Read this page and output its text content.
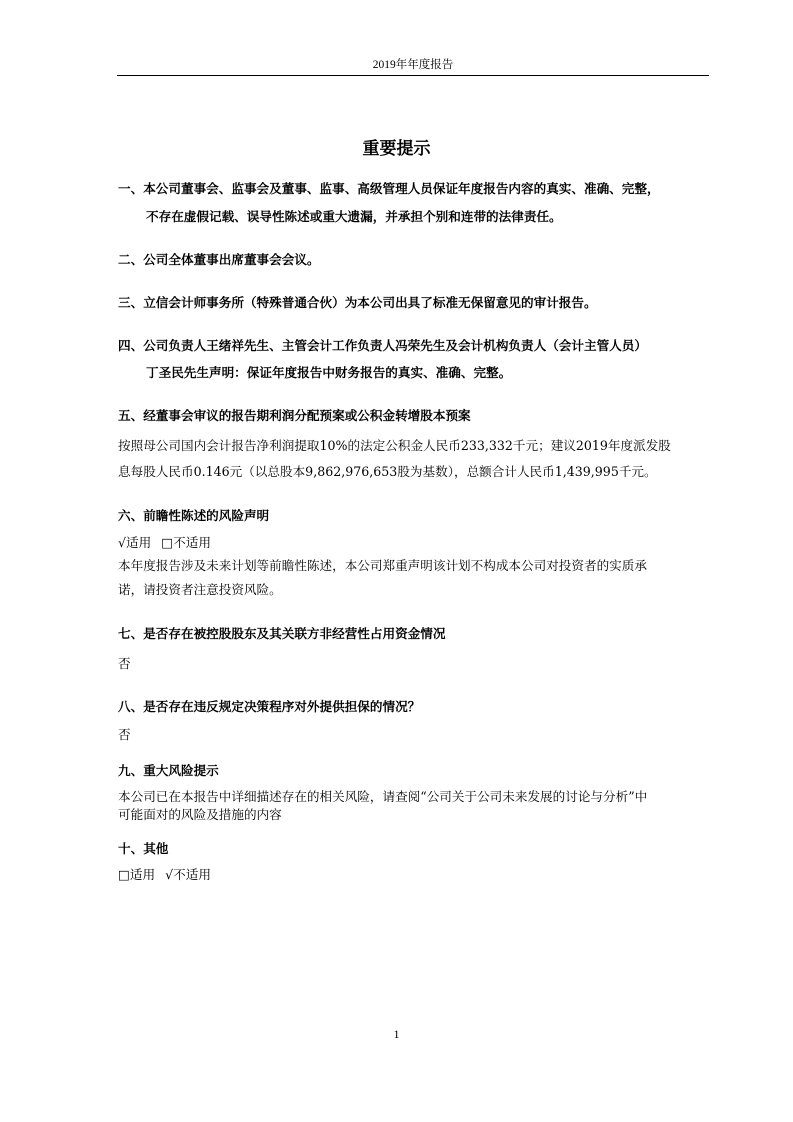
2019年年度报告
重要提示
一、本公司董事会、监事会及董事、监事、高级管理人员保证年度报告内容的真实、准确、完整，
不存在虚假记载、误导性陈述或重大遗漏，并承担个别和连带的法律责任。
二、公司全体董事出席董事会会议。
三、立信会计师事务所（特殊普通合伙）为本公司出具了标准无保留意见的审计报告。
四、公司负责人王绪祥先生、主管会计工作负责人冯荣先生及会计机构负责人（会计主管人员）
丁圣民先生声明：保证年度报告中财务报告的真实、准确、完整。
五、经董事会审议的报告期利润分配预案或公积金转增股本预案
按照母公司国内会计报告净利润提取10%的法定公积金人民币233,332千元；建议2019年度派发股
息每股人民币0.146元（以总股本9,862,976,653股为基数），总额合计人民币1,439,995千元。
六、前瞻性陈述的风险声明
√适用 □不适用
本年度报告涉及未来计划等前瞻性陈述，本公司郑重声明该计划不构成本公司对投资者的实质承
诺，请投资者注意投资风险。
七、是否存在被控股股东及其关联方非经营性占用资金情况
否
八、是否存在违反规定决策程序对外提供担保的情况？
否
九、重大风险提示
本公司已在本报告中详细描述存在的相关风险，请查阅“公司关于公司未来发展的讨论与分析”中
可能面对的风险及措施的内容
十、其他
□适用 √不适用
1
